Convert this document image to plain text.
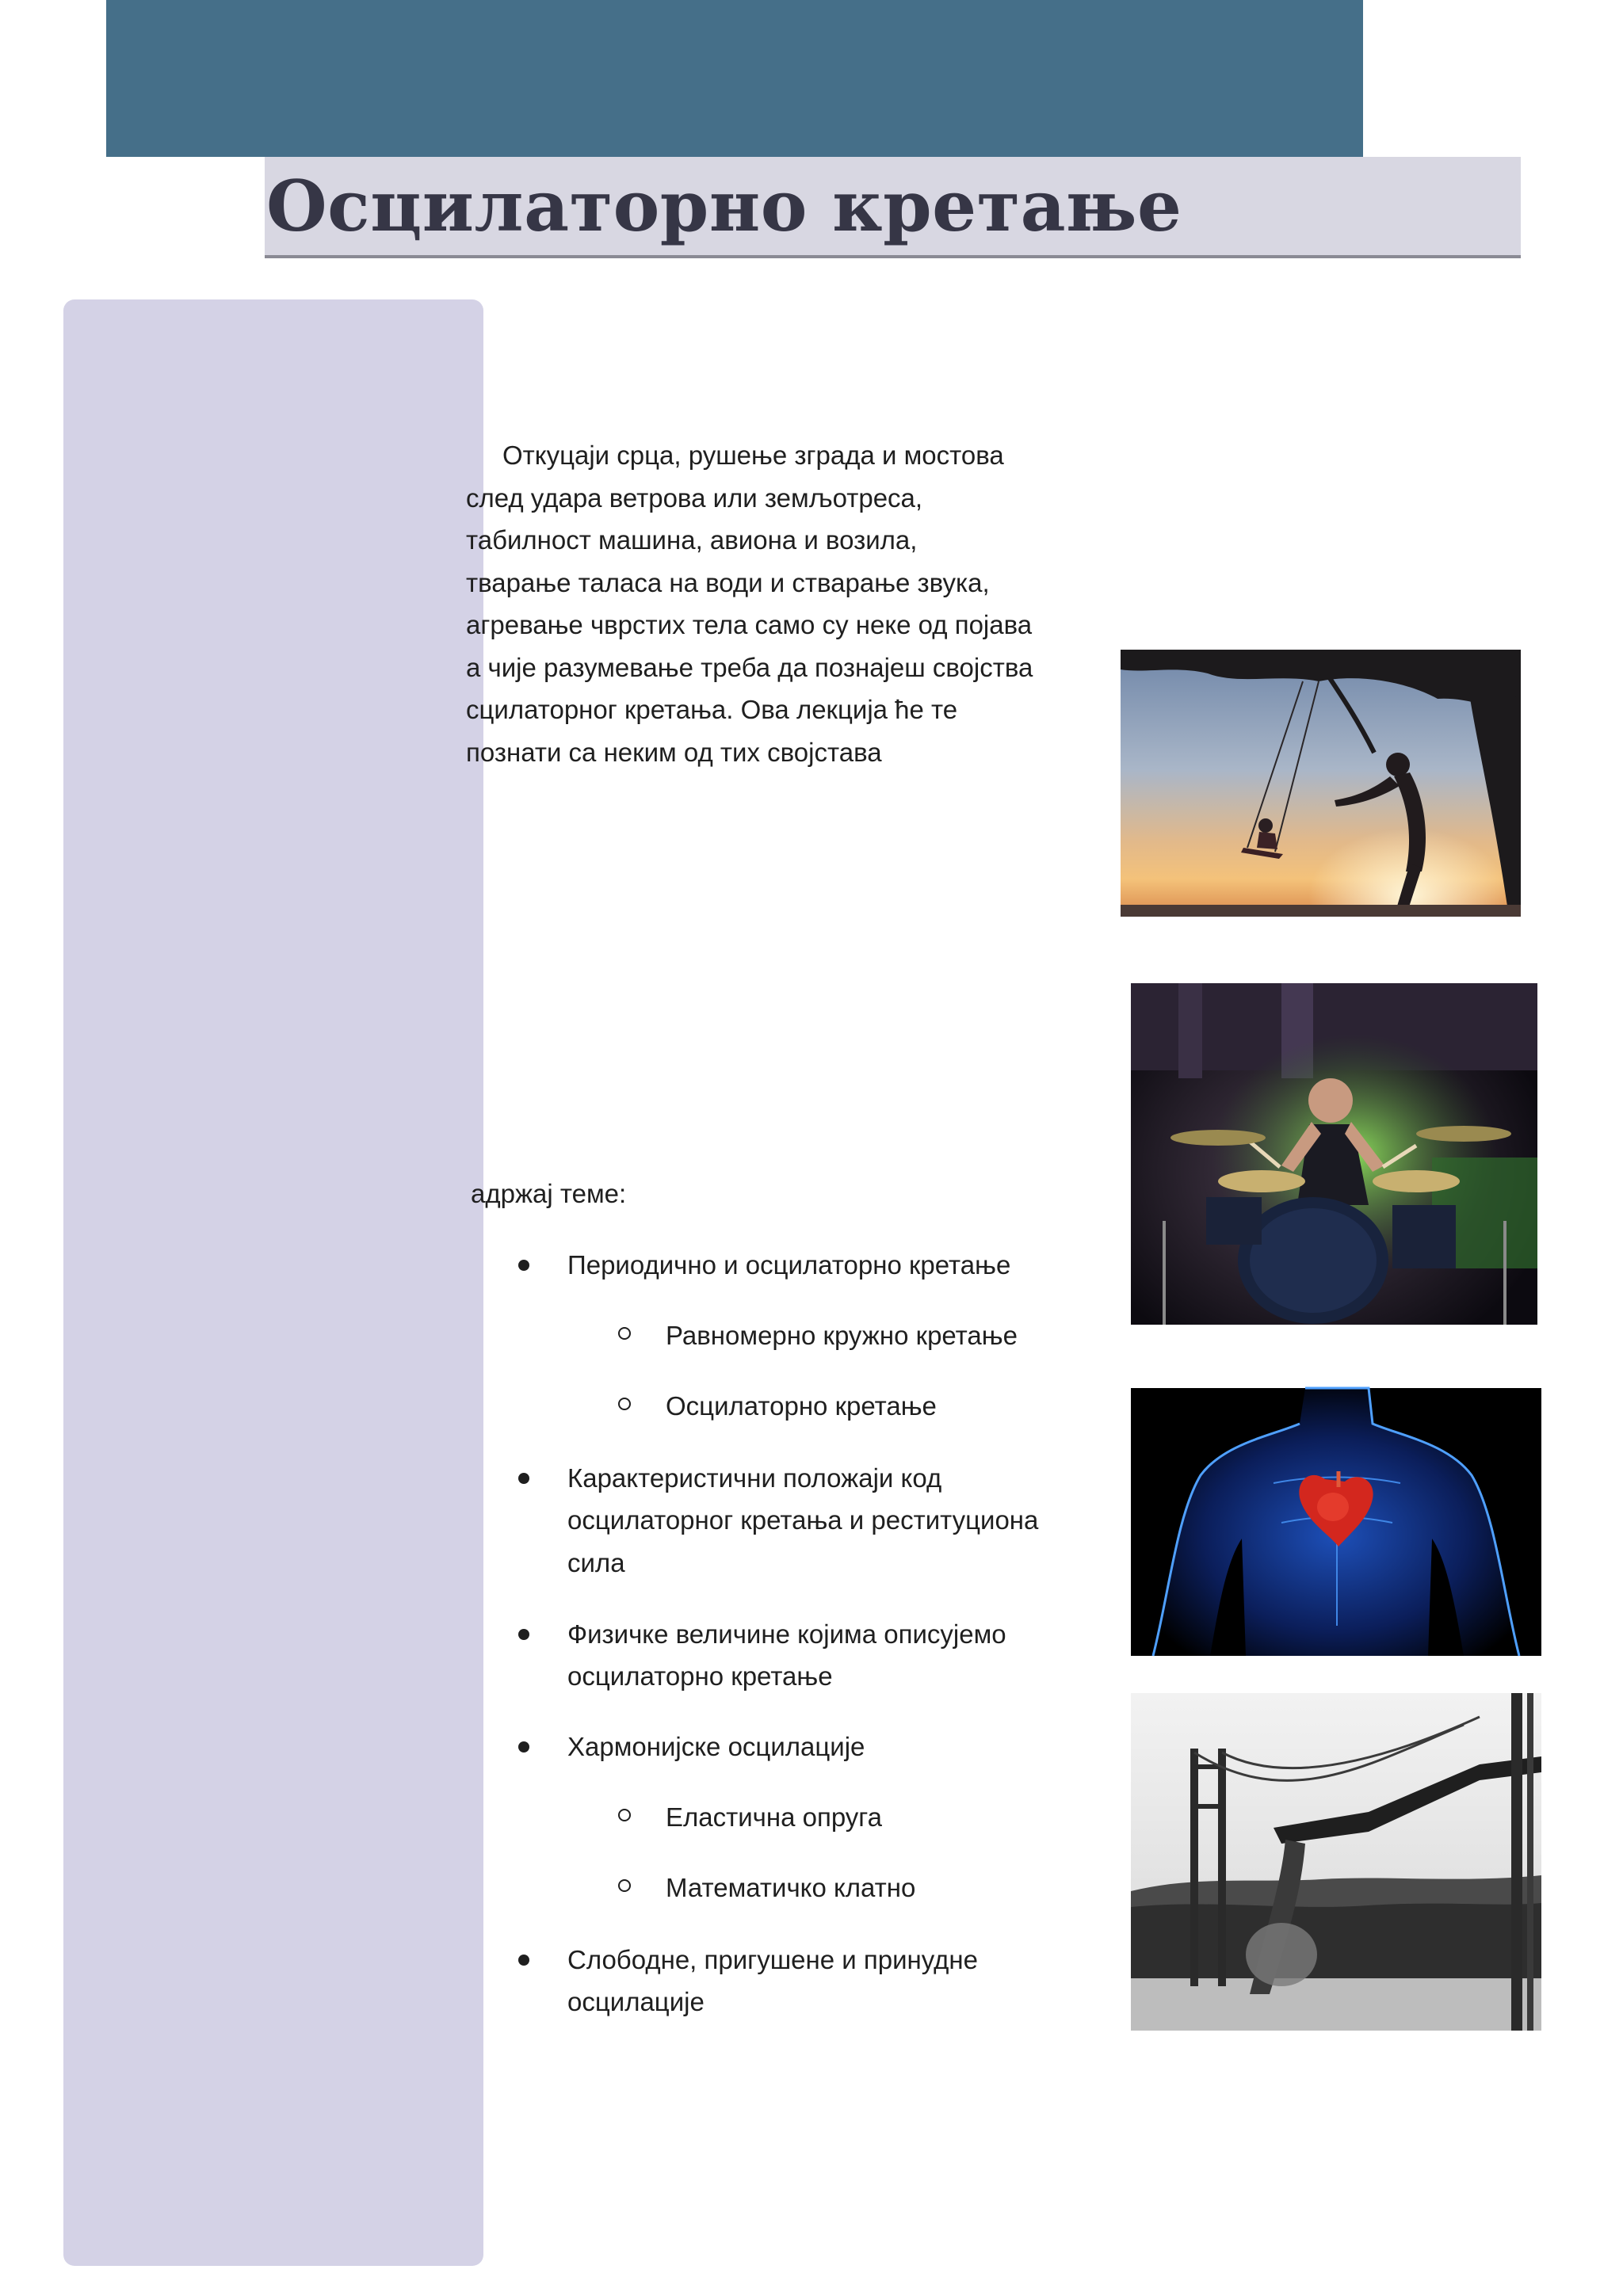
Осцилаторно кретање
Откуцаји срца, рушење зграда и мостова
след удара ветрова или земљотреса,
табилност машина, авиона и возила,
тварање таласа на води и стварање звука,
агревање чврстих тела само су неке од појава
а чије разумевање треба да познајеш својства
сцилаторног кретања. Ова лекција ће те
познати са неким од тих својстава
адржај теме:
Периодично и осцилаторно кретање
Равномерно кружно кретање
Осцилаторно кретање
Карактеристични положаји код осцилаторног кретања и реституциона сила
Физичке величине којима описујемо осцилаторно кретање
Хармонијске осцилације
Еластична опруга
Математичко клатно
Слободне, пригушене и принудне осцилације
